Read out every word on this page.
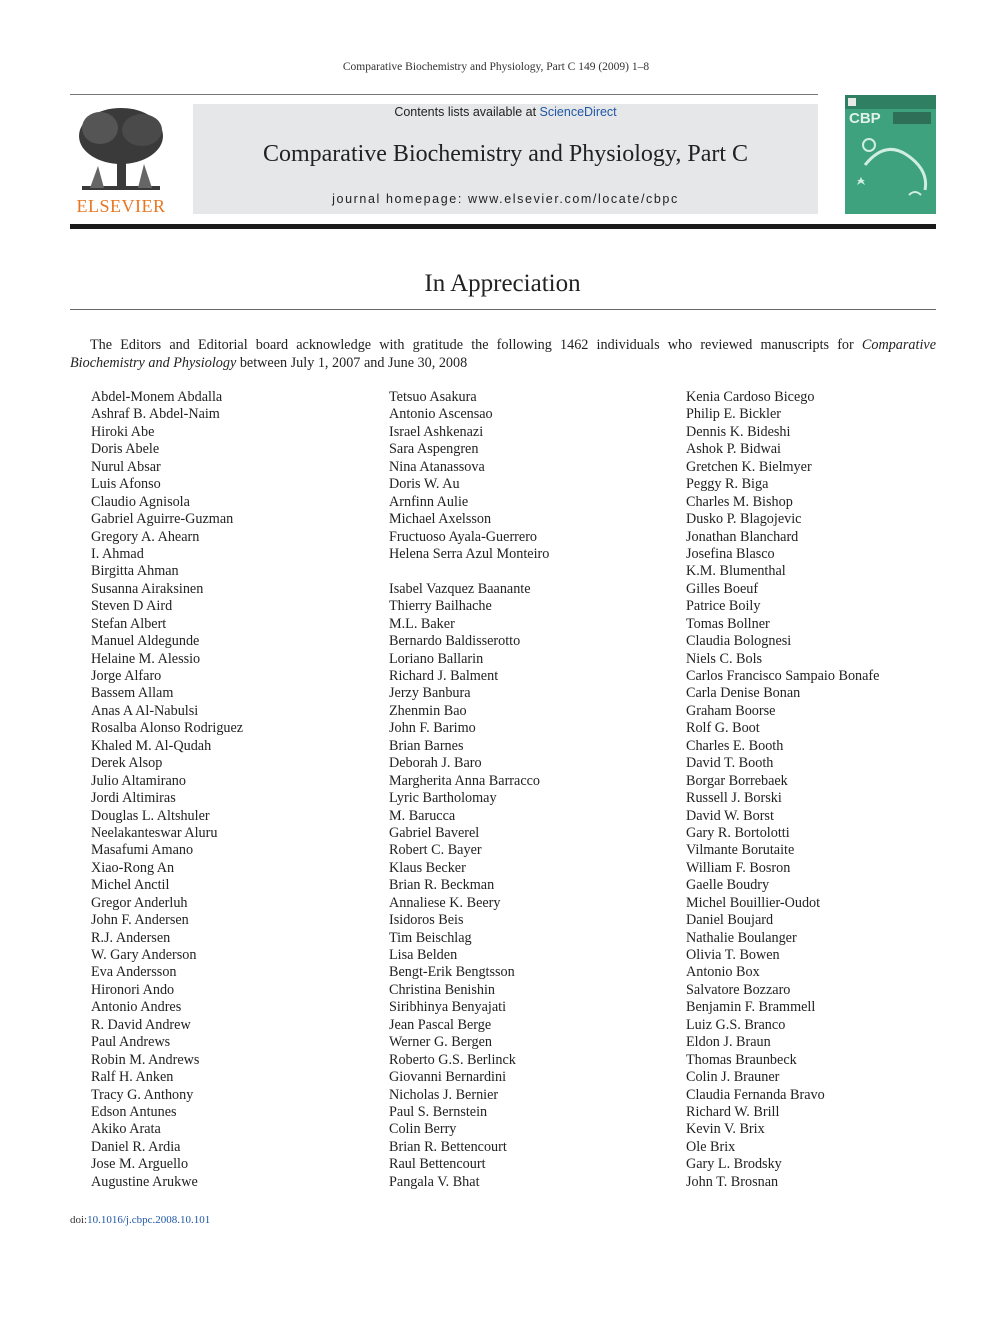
Comparative Biochemistry and Physiology, Part C 149 (2009) 1–8
ELSEVIER
Contents lists available at ScienceDirect
Comparative Biochemistry and Physiology, Part C
journal homepage: www.elsevier.com/locate/cbpc
CBP
In Appreciation
The Editors and Editorial board acknowledge with gratitude the following 1462 individuals who reviewed manuscripts for Comparative Biochemistry and Physiology between July 1, 2007 and June 30, 2008
Abdel-Monem Abdalla
Ashraf B. Abdel-Naim
Hiroki Abe
Doris Abele
Nurul Absar
Luis Afonso
Claudio Agnisola
Gabriel Aguirre-Guzman
Gregory A. Ahearn
I. Ahmad
Birgitta Ahman
Susanna Airaksinen
Steven D Aird
Stefan Albert
Manuel Aldegunde
Helaine M. Alessio
Jorge Alfaro
Bassem Allam
Anas A Al-Nabulsi
Rosalba Alonso Rodriguez
Khaled M. Al-Qudah
Derek Alsop
Julio Altamirano
Jordi Altimiras
Douglas L. Altshuler
Neelakanteswar Aluru
Masafumi Amano
Xiao-Rong An
Michel Anctil
Gregor Anderluh
John F. Andersen
R.J. Andersen
W. Gary Anderson
Eva Andersson
Hironori Ando
Antonio Andres
R. David Andrew
Paul Andrews
Robin M. Andrews
Ralf H. Anken
Tracy G. Anthony
Edson Antunes
Akiko Arata
Daniel R. Ardia
Jose M. Arguello
Augustine Arukwe
Tetsuo Asakura
Antonio Ascensao
Israel Ashkenazi
Sara Aspengren
Nina Atanassova
Doris W. Au
Arnfinn Aulie
Michael Axelsson
Fructuoso Ayala-Guerrero
Helena Serra Azul Monteiro
Isabel Vazquez Baanante
Thierry Bailhache
M.L. Baker
Bernardo Baldisserotto
Loriano Ballarin
Richard J. Balment
Jerzy Banbura
Zhenmin Bao
John F. Barimo
Brian Barnes
Deborah J. Baro
Margherita Anna Barracco
Lyric Bartholomay
M. Barucca
Gabriel Baverel
Robert C. Bayer
Klaus Becker
Brian R. Beckman
Annaliese K. Beery
Isidoros Beis
Tim Beischlag
Lisa Belden
Bengt-Erik Bengtsson
Christina Benishin
Siribhinya Benyajati
Jean Pascal Berge
Werner G. Bergen
Roberto G.S. Berlinck
Giovanni Bernardini
Nicholas J. Bernier
Paul S. Bernstein
Colin Berry
Brian R. Bettencourt
Raul Bettencourt
Pangala V. Bhat
Kenia Cardoso Bicego
Philip E. Bickler
Dennis K. Bideshi
Ashok P. Bidwai
Gretchen K. Bielmyer
Peggy R. Biga
Charles M. Bishop
Dusko P. Blagojevic
Jonathan Blanchard
Josefina Blasco
K.M. Blumenthal
Gilles Boeuf
Patrice Boily
Tomas Bollner
Claudia Bolognesi
Niels C. Bols
Carlos Francisco Sampaio Bonafe
Carla Denise Bonan
Graham Boorse
Rolf G. Boot
Charles E. Booth
David T. Booth
Borgar Borrebaek
Russell J. Borski
David W. Borst
Gary R. Bortolotti
Vilmante Borutaite
William F. Bosron
Gaelle Boudry
Michel Bouillier-Oudot
Daniel Boujard
Nathalie Boulanger
Olivia T. Bowen
Antonio Box
Salvatore Bozzaro
Benjamin F. Brammell
Luiz G.S. Branco
Eldon J. Braun
Thomas Braunbeck
Colin J. Brauner
Claudia Fernanda Bravo
Richard W. Brill
Kevin V. Brix
Ole Brix
Gary L. Brodsky
John T. Brosnan
doi:10.1016/j.cbpc.2008.10.101
